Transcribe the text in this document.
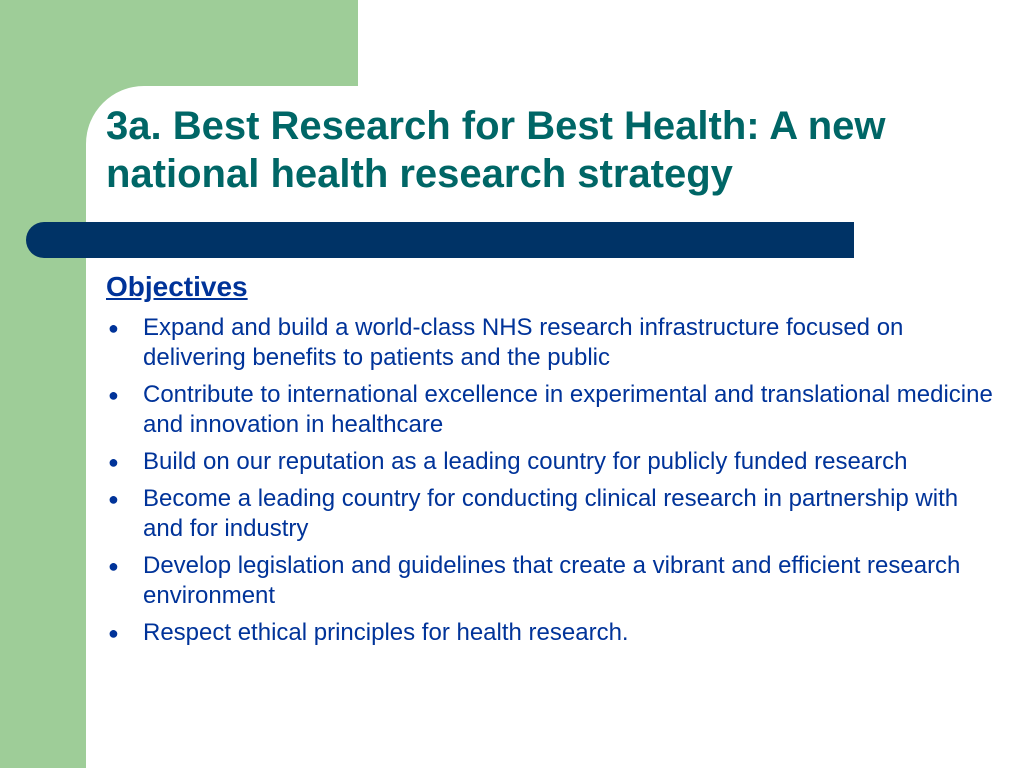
3a. Best Research for Best Health: A new national health research strategy
Objectives
● Expand and build a world-class NHS research infrastructure focused on delivering benefits to patients and the public
● Contribute to international excellence in experimental and translational medicine and innovation in healthcare
● Build on our reputation as a leading country for publicly funded research
● Become a leading country for conducting clinical research in partnership with and for industry
● Develop legislation and guidelines that create a vibrant and efficient research environment
● Respect ethical principles for health research.
